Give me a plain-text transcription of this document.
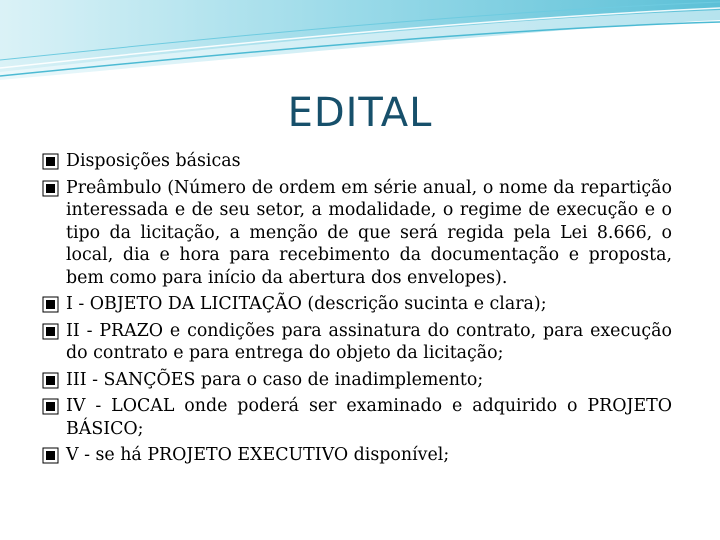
EDITAL
Disposições básicas
Preâmbulo (Número de ordem em série anual, o nome da repartição interessada e de seu setor, a modalidade, o regime de execução e o tipo da licitação, a menção de que será regida pela Lei 8.666, o local, dia e hora para recebimento da documentação e proposta, bem como para início da abertura dos envelopes).
I - OBJETO DA LICITAÇÃO (descrição sucinta e clara);
II - PRAZO e condições para assinatura do contrato, para execução do contrato e para entrega do objeto da licitação;
III - SANÇÕES para o caso de inadimplemento;
IV - LOCAL onde poderá ser examinado e adquirido o PROJETO BÁSICO;
V - se há PROJETO EXECUTIVO disponível;
